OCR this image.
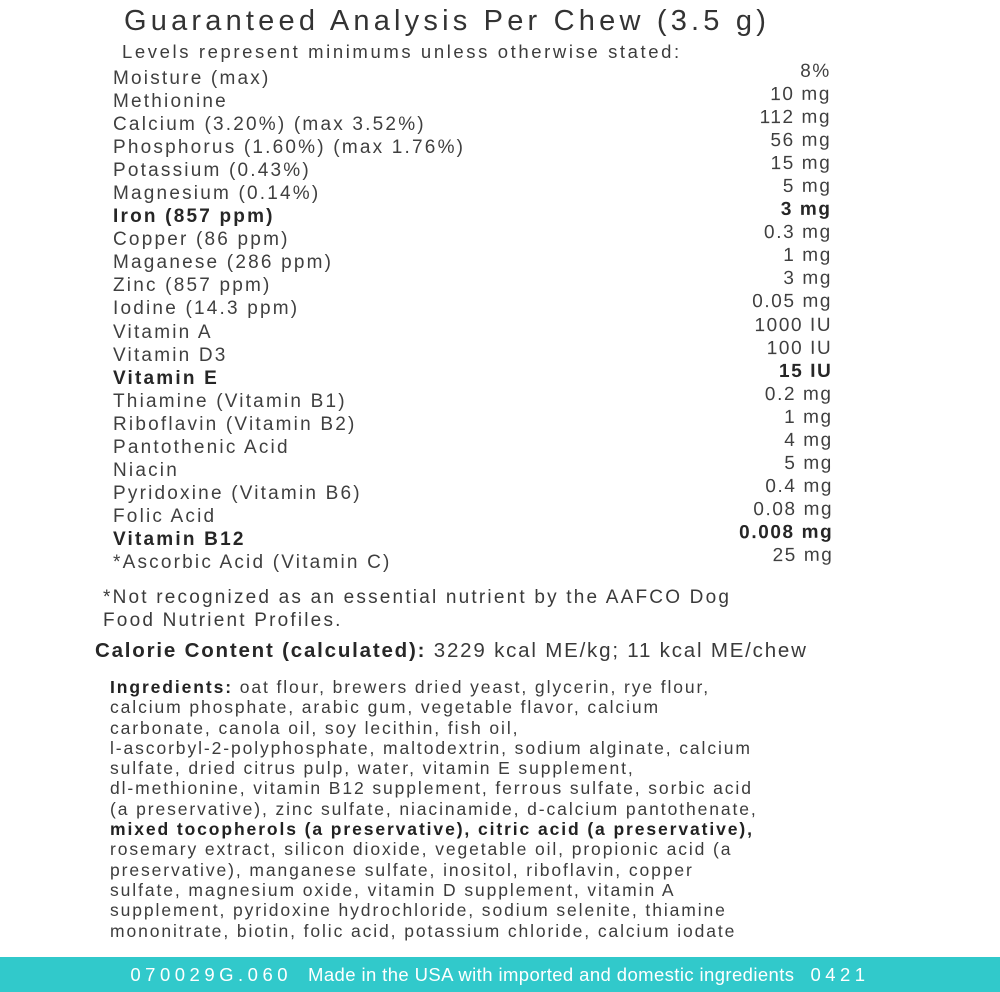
Guaranteed Analysis Per Chew (3.5 g)
Levels represent minimums unless otherwise stated:
Moisture (max)
Methionine
Calcium (3.20%) (max 3.52%)
Phosphorus (1.60%) (max 1.76%)
Potassium (0.43%)
Magnesium (0.14%)
Iron (857 ppm)
Copper (86 ppm)
Maganese (286 ppm)
Zinc (857 ppm)
Iodine (14.3 ppm)
Vitamin A
Vitamin D3
Vitamin E
Thiamine (Vitamin B1)
Riboflavin (Vitamin B2)
Pantothenic Acid
Niacin
Pyridoxine (Vitamin B6)
Folic Acid
Vitamin B12
*Ascorbic Acid (Vitamin C)
8%
10 mg
112 mg
56 mg
15 mg
5 mg
3 mg
0.3 mg
1 mg
3 mg
0.05 mg
1000 IU
100 IU
15 IU
0.2 mg
1 mg
4 mg
5 mg
0.4 mg
0.08 mg
0.008 mg
25 mg
*Not recognized as an essential nutrient by the AAFCO Dog
Food Nutrient Profiles.
Calorie Content (calculated): 3229 kcal ME/kg; 11 kcal ME/chew
Ingredients: oat flour, brewers dried yeast, glycerin, rye flour,
calcium phosphate, arabic gum, vegetable flavor, calcium
carbonate, canola oil, soy lecithin, fish oil,
l-ascorbyl-2-polyphosphate, maltodextrin, sodium alginate, calcium
sulfate, dried citrus pulp, water, vitamin E supplement,
dl-methionine, vitamin B12 supplement, ferrous sulfate, sorbic acid
(a preservative), zinc sulfate, niacinamide, d-calcium pantothenate,
mixed tocopherols (a preservative), citric acid (a preservative),
rosemary extract, silicon dioxide, vegetable oil, propionic acid (a
preservative), manganese sulfate, inositol, riboflavin, copper
sulfate, magnesium oxide, vitamin D supplement, vitamin A
supplement, pyridoxine hydrochloride, sodium selenite, thiamine
mononitrate, biotin, folic acid, potassium chloride, calcium iodate
070029G.060 Made in the USA with imported and domestic ingredients 0421
